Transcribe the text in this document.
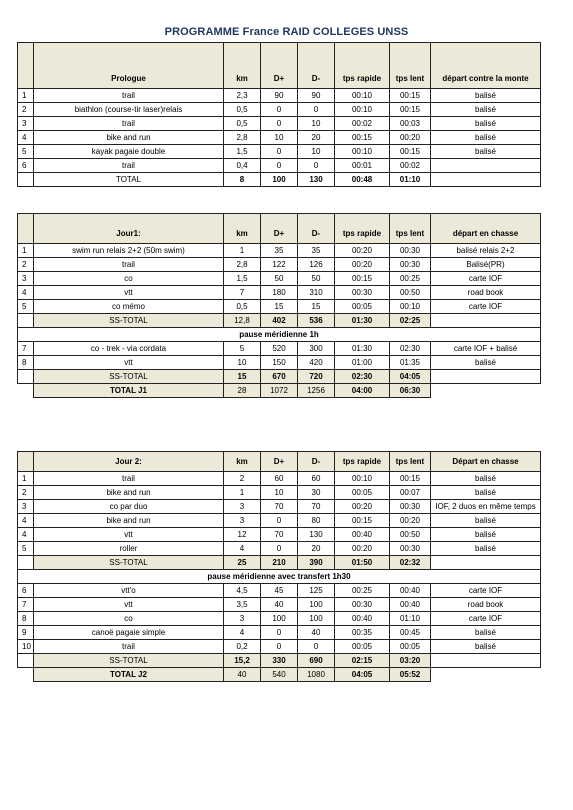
PROGRAMME France RAID COLLEGES UNSS
	Prologue	km	D+	D-	tps rapide	tps lent	départ contre la monte
1	trail	2,3	90	90	00:10	00:15	balisé
2	biathlon (course-tir laser)relais	0,5	0	0	00:10	00:15	balisé
3	trail	0,5	0	10	00:02	00:03	balisé
4	bike and run	2,8	10	20	00:15	00:20	balisé
5	kayak pagaie double	1,5	0	10	00:10	00:15	balisé
6	trail	0,4	0	0	00:01	00:02	
	TOTAL	8	100	130	00:48	01:10	
	Jour1:	km	D+	D-	tps rapide	tps lent	départ en chasse
1	swim run relais 2+2 (50m swim)	1	35	35	00:20	00:30	balisé relais 2+2
2	trail	2,8	122	126	00:20	00:30	Balisé(PR)
3	co	1,5	50	50	00:15	00:25	carte IOF
4	vtt	7	180	310	00:30	00:50	road book
5	co mémo	0,5	15	15	00:05	00:10	carte IOF
	SS-TOTAL	12,8	402	536	01:30	02:25	
pause méridienne 1h							
7	co - trek - via cordata	5	520	300	01:30	02:30	carte IOF + balisé
8	vtt	10	150	420	01:00	01:35	balisé
	SS-TOTAL	15	670	720	02:30	04:05	
	TOTAL J1	28	1072	1256	04:00	06:30	
	Jour 2:	km	D+	D-	tps rapide	tps lent	Départ en chasse
1	trail	2	60	60	00:10	00:15	balisé
2	bike and run	1	10	30	00:05	00:07	balisé
3	co par duo	3	70	70	00:20	00:30	IOF, 2 duos en même temps
4	bike and run	3	0	80	00:15	00:20	balisé
4	vtt	12	70	130	00:40	00:50	balisé
5	roller	4	0	20	00:20	00:30	balisé
	SS-TOTAL	25	210	390	01:50	02:32	
pause méridienne avec transfert 1h30							
6	vtt'o	4,5	45	125	00:25	00:40	carte IOF
7	vtt	3,5	40	100	00:30	00:40	road book
8	co	3	100	100	00:40	01:10	carte IOF
9	canoë pagaie simple	4	0	40	00:35	00:45	balisé
10	trail	0,2	0	0	00:05	00:05	balisé
	SS-TOTAL	15,2	330	690	02:15	03:20	
	TOTAL J2	40	540	1080	04:05	05:52	
